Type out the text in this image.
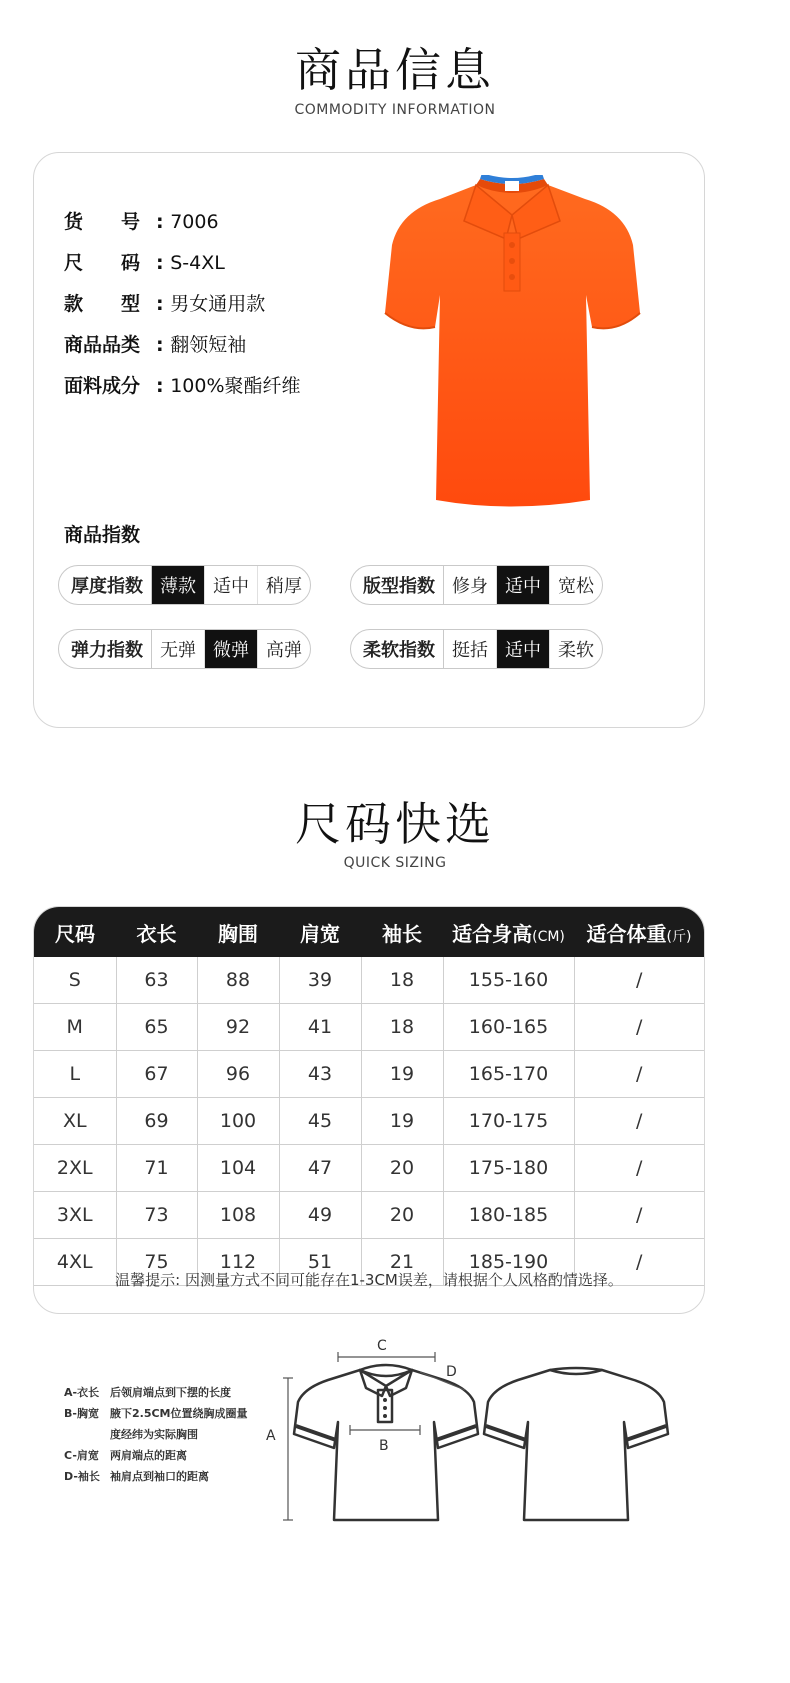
商品信息
COMMODITY INFORMATION
货　　号 : 7006
尺　　码 : S-4XL
款　　型 : 男女通用款
商品品类 : 翻领短袖
面料成分 : 100%聚酯纤维
商品指数
厚度指数 薄款 适中 稍厚	版型指数 修身 适中 宽松
弹力指数 无弹 微弹 高弹	柔软指数 挺括 适中 柔软
尺码快选
QUICK SIZING
尺码	衣长	胸围	肩宽	袖长	适合身高(CM)	适合体重(斤)
S	63	88	39	18	155-160	/
M	65	92	41	18	160-165	/
L	67	96	43	19	165-170	/
XL	69	100	45	19	170-175	/
2XL	71	104	47	20	175-180	/
3XL	73	108	49	20	180-185	/
4XL	75	112	51	21	185-190	/
温馨提示: 因测量方式不同可能存在1-3CM误差，请根据个人风格酌情选择。
A-衣长 后领肩端点到下摆的长度
B-胸宽 腋下2.5CM位置绕胸成圈量
度经纬为实际胸围
C-肩宽 两肩端点的距离
D-袖长 袖肩点到袖口的距离
C
D
B
A
